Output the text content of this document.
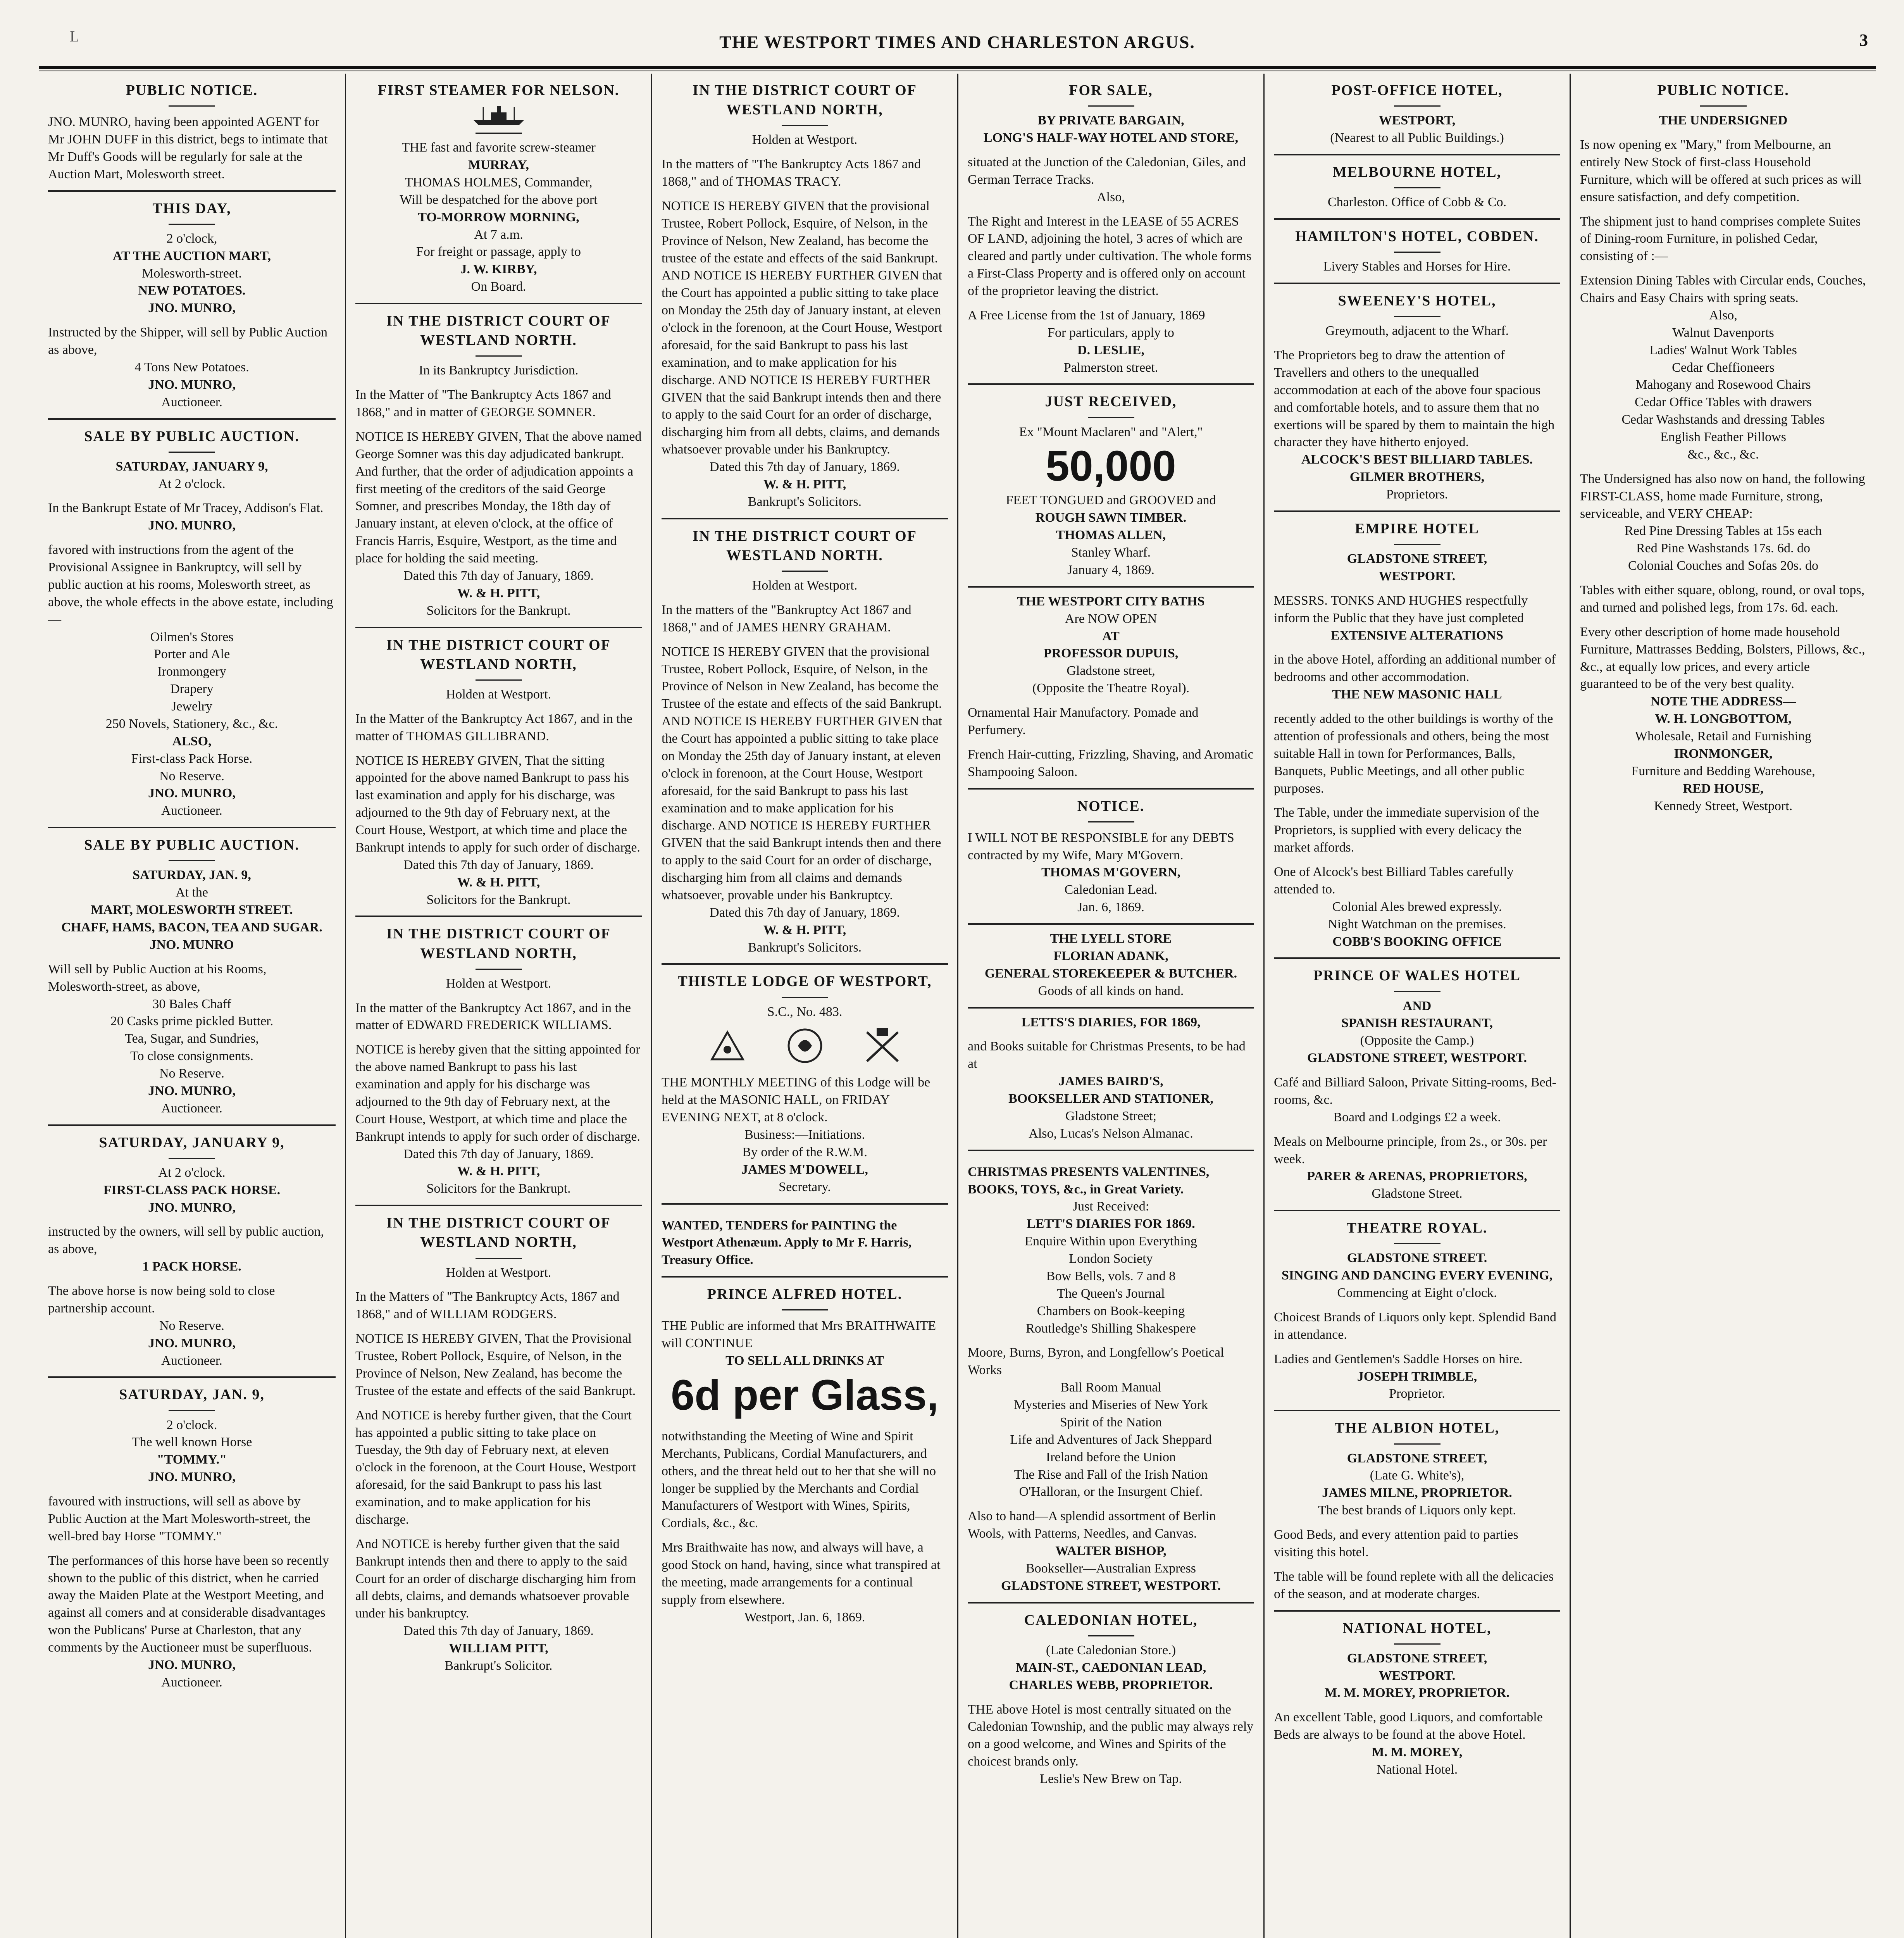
L	THE WESTPORT TIMES AND CHARLESTON ARGUS.	3
PUBLIC NOTICE.
JNO. MUNRO, having been appointed AGENT for Mr JOHN DUFF in this district, begs to intimate that Mr Duff's Goods will be regularly for sale at the Auction Mart, Molesworth street.
THIS DAY,
2 o'clock,
AT THE AUCTION MART,
Molesworth-street.
NEW POTATOES.
JNO. MUNRO,
Instructed by the Shipper, will sell by Public Auction as above,
4 Tons New Potatoes.
JNO. MUNRO,
Auctioneer.
SALE BY PUBLIC AUCTION.
SATURDAY, JANUARY 9,
At 2 o'clock.
In the Bankrupt Estate of Mr Tracey, Addison's Flat.
JNO. MUNRO,
favored with instructions from the agent of the Provisional Assignee in Bankruptcy, will sell by public auction at his rooms, Molesworth street, as above, the whole effects in the above estate, including—
Oilmen's Stores
Porter and Ale
Ironmongery
Drapery
Jewelry
250 Novels, Stationery, &c., &c.
ALSO,
First-class Pack Horse.
No Reserve.
JNO. MUNRO,
Auctioneer.
SALE BY PUBLIC AUCTION.
SATURDAY, JAN. 9,
At the
MART, MOLESWORTH STREET.
CHAFF, HAMS, BACON, TEA AND SUGAR.
JNO. MUNRO
Will sell by Public Auction at his Rooms, Molesworth-street, as above,
30 Bales Chaff
20 Casks prime pickled Butter.
Tea, Sugar, and Sundries,
To close consignments.
No Reserve.
JNO. MUNRO,
Auctioneer.
SATURDAY, JANUARY 9,
At 2 o'clock.
FIRST-CLASS PACK HORSE.
JNO. MUNRO,
instructed by the owners, will sell by public auction, as above,
1 PACK HORSE.
The above horse is now being sold to close partnership account.
No Reserve.
JNO. MUNRO,
Auctioneer.
SATURDAY, JAN. 9,
2 o'clock.
The well known Horse
"TOMMY."
JNO. MUNRO,
favoured with instructions, will sell as above by Public Auction at the Mart Molesworth-street, the well-bred bay Horse "TOMMY."
The performances of this horse have been so recently shown to the public of this district, when he carried away the Maiden Plate at the Westport Meeting, and against all comers and at considerable disadvantages won the Publicans' Purse at Charleston, that any comments by the Auctioneer must be superfluous.
JNO. MUNRO,
Auctioneer.
FIRST STEAMER FOR NELSON.
THE fast and favorite screw-steamer
MURRAY,
THOMAS HOLMES, Commander,
Will be despatched for the above port
TO-MORROW MORNING,
At 7 a.m.
For freight or passage, apply to
J. W. KIRBY,
On Board.
IN THE DISTRICT COURT OF WESTLAND NORTH.
In its Bankruptcy Jurisdiction.
In the Matter of "The Bankruptcy Acts 1867 and 1868," and in matter of GEORGE SOMNER.
NOTICE IS HEREBY GIVEN, That the above named George Somner was this day adjudicated bankrupt. And further, that the order of adjudication appoints a first meeting of the creditors of the said George Somner, and prescribes Monday, the 18th day of January instant, at eleven o'clock, at the office of Francis Harris, Esquire, Westport, as the time and place for holding the said meeting.
Dated this 7th day of January, 1869.
W. & H. PITT,
Solicitors for the Bankrupt.
IN THE DISTRICT COURT OF WESTLAND NORTH,
Holden at Westport.
In the Matter of the Bankruptcy Act 1867, and in the matter of THOMAS GILLIBRAND.
NOTICE IS HEREBY GIVEN, That the sitting appointed for the above named Bankrupt to pass his last examination and apply for his discharge, was adjourned to the 9th day of February next, at the Court House, Westport, at which time and place the Bankrupt intends to apply for such order of discharge.
Dated this 7th day of January, 1869.
W. & H. PITT,
Solicitors for the Bankrupt.
IN THE DISTRICT COURT OF WESTLAND NORTH,
Holden at Westport.
In the matter of the Bankruptcy Act 1867, and in the matter of EDWARD FREDERICK WILLIAMS.
NOTICE is hereby given that the sitting appointed for the above named Bankrupt to pass his last examination and apply for his discharge was adjourned to the 9th day of February next, at the Court House, Westport, at which time and place the Bankrupt intends to apply for such order of discharge.
Dated this 7th day of January, 1869.
W. & H. PITT,
Solicitors for the Bankrupt.
IN THE DISTRICT COURT OF WESTLAND NORTH,
Holden at Westport.
In the Matters of "The Bankruptcy Acts, 1867 and 1868," and of WILLIAM RODGERS.
NOTICE IS HEREBY GIVEN, That the Provisional Trustee, Robert Pollock, Esquire, of Nelson, in the Province of Nelson, New Zealand, has become the Trustee of the estate and effects of the said Bankrupt.
And NOTICE is hereby further given, that the Court has appointed a public sitting to take place on Tuesday, the 9th day of February next, at eleven o'clock in the forenoon, at the Court House, Westport aforesaid, for the said Bankrupt to pass his last examination, and to make application for his discharge.
And NOTICE is hereby further given that the said Bankrupt intends then and there to apply to the said Court for an order of discharge discharging him from all debts, claims, and demands whatsoever provable under his bankruptcy.
Dated this 7th day of January, 1869.
WILLIAM PITT,
Bankrupt's Solicitor.
IN THE DISTRICT COURT OF WESTLAND NORTH,
Holden at Westport.
In the matters of "The Bankruptcy Acts 1867 and 1868," and of THOMAS TRACY.
NOTICE IS HEREBY GIVEN that the provisional Trustee, Robert Pollock, Esquire, of Nelson, in the Province of Nelson, New Zealand, has become the trustee of the estate and effects of the said Bankrupt. AND NOTICE IS HEREBY FURTHER GIVEN that the Court has appointed a public sitting to take place on Monday the 25th day of January instant, at eleven o'clock in the forenoon, at the Court House, Westport aforesaid, for the said Bankrupt to pass his last examination, and to make application for his discharge. AND NOTICE IS HEREBY FURTHER GIVEN that the said Bankrupt intends then and there to apply to the said Court for an order of discharge, discharging him from all debts, claims, and demands whatsoever provable under his Bankruptcy.
Dated this 7th day of January, 1869.
W. & H. PITT,
Bankrupt's Solicitors.
IN THE DISTRICT COURT OF WESTLAND NORTH.
Holden at Westport.
In the matters of the "Bankruptcy Act 1867 and 1868," and of JAMES HENRY GRAHAM.
NOTICE IS HEREBY GIVEN that the provisional Trustee, Robert Pollock, Esquire, of Nelson, in the Province of Nelson in New Zealand, has become the Trustee of the estate and effects of the said Bankrupt. AND NOTICE IS HEREBY FURTHER GIVEN that the Court has appointed a public sitting to take place on Monday the 25th day of January instant, at eleven o'clock in forenoon, at the Court House, Westport aforesaid, for the said Bankrupt to pass his last examination and to make application for his discharge. AND NOTICE IS HEREBY FURTHER GIVEN that the said Bankrupt intends then and there to apply to the said Court for an order of discharge, discharging him from all claims and demands whatsoever, provable under his Bankruptcy.
Dated this 7th day of January, 1869.
W. & H. PITT,
Bankrupt's Solicitors.
THISTLE LODGE OF WESTPORT,
S.C., No. 483.
THE MONTHLY MEETING of this Lodge will be held at the MASONIC HALL, on FRIDAY EVENING NEXT, at 8 o'clock.
Business:—Initiations.
By order of the R.W.M.
JAMES M'DOWELL,
Secretary.
WANTED, TENDERS for PAINTING the Westport Athenæum. Apply to Mr F. Harris, Treasury Office.
PRINCE ALFRED HOTEL.
THE Public are informed that Mrs BRAITHWAITE will CONTINUE
TO SELL ALL DRINKS AT
6d per Glass,
notwithstanding the Meeting of Wine and Spirit Merchants, Publicans, Cordial Manufacturers, and others, and the threat held out to her that she will no longer be supplied by the Merchants and Cordial Manufacturers of Westport with Wines, Spirits, Cordials, &c., &c.
Mrs Braithwaite has now, and always will have, a good Stock on hand, having, since what transpired at the meeting, made arrangements for a continual supply from elsewhere.
Westport, Jan. 6, 1869.
FOR SALE,
BY PRIVATE BARGAIN,
LONG'S HALF-WAY HOTEL AND STORE,
situated at the Junction of the Caledonian, Giles, and German Terrace Tracks.
Also,
The Right and Interest in the LEASE of 55 ACRES OF LAND, adjoining the hotel, 3 acres of which are cleared and partly under cultivation. The whole forms a First-Class Property and is offered only on account of the proprietor leaving the district.
A Free License from the 1st of January, 1869
For particulars, apply to
D. LESLIE,
Palmerston street.
JUST RECEIVED,
Ex "Mount Maclaren" and "Alert,"
50,000
FEET TONGUED and GROOVED and
ROUGH SAWN TIMBER.
THOMAS ALLEN,
Stanley Wharf.
January 4, 1869.
THE WESTPORT CITY BATHS
Are NOW OPEN
AT
PROFESSOR DUPUIS,
Gladstone street,
(Opposite the Theatre Royal).
Ornamental Hair Manufactory. Pomade and Perfumery.
French Hair-cutting, Frizzling, Shaving, and Aromatic Shampooing Saloon.
NOTICE.
I WILL NOT BE RESPONSIBLE for any DEBTS contracted by my Wife, Mary M'Govern.
THOMAS M'GOVERN,
Caledonian Lead.
Jan. 6, 1869.
THE LYELL STORE
FLORIAN ADANK,
GENERAL STOREKEEPER & BUTCHER.
Goods of all kinds on hand.
LETTS'S DIARIES, FOR 1869,
and Books suitable for Christmas Presents, to be had at
JAMES BAIRD'S,
BOOKSELLER AND STATIONER,
Gladstone Street;
Also, Lucas's Nelson Almanac.
CHRISTMAS PRESENTS VALENTINES, BOOKS, TOYS, &c., in Great Variety.
Just Received:
LETT'S DIARIES FOR 1869.
Enquire Within upon Everything
London Society
Bow Bells, vols. 7 and 8
The Queen's Journal
Chambers on Book-keeping
Routledge's Shilling Shakespere
Moore, Burns, Byron, and Longfellow's Poetical Works
Ball Room Manual
Mysteries and Miseries of New York
Spirit of the Nation
Life and Adventures of Jack Sheppard
Ireland before the Union
The Rise and Fall of the Irish Nation
O'Halloran, or the Insurgent Chief.
Also to hand—A splendid assortment of Berlin Wools, with Patterns, Needles, and Canvas.
WALTER BISHOP,
Bookseller—Australian Express
GLADSTONE STREET, WESTPORT.
CALEDONIAN HOTEL,
(Late Caledonian Store.)
MAIN-ST., CAEDONIAN LEAD,
CHARLES WEBB, PROPRIETOR.
THE above Hotel is most centrally situated on the Caledonian Township, and the public may always rely on a good welcome, and Wines and Spirits of the choicest brands only.
Leslie's New Brew on Tap.
POST-OFFICE HOTEL,
WESTPORT,
(Nearest to all Public Buildings.)
MELBOURNE HOTEL,
Charleston. Office of Cobb & Co.
HAMILTON'S HOTEL, COBDEN.
Livery Stables and Horses for Hire.
SWEENEY'S HOTEL,
Greymouth, adjacent to the Wharf.
The Proprietors beg to draw the attention of Travellers and others to the unequalled accommodation at each of the above four spacious and comfortable hotels, and to assure them that no exertions will be spared by them to maintain the high character they have hitherto enjoyed.
ALCOCK'S BEST BILLIARD TABLES.
GILMER BROTHERS,
Proprietors.
EMPIRE HOTEL
GLADSTONE STREET,
WESTPORT.
MESSRS. TONKS AND HUGHES respectfully inform the Public that they have just completed
EXTENSIVE ALTERATIONS
in the above Hotel, affording an additional number of bedrooms and other accommodation.
THE NEW MASONIC HALL
recently added to the other buildings is worthy of the attention of professionals and others, being the most suitable Hall in town for Performances, Balls, Banquets, Public Meetings, and all other public purposes.
The Table, under the immediate supervision of the Proprietors, is supplied with every delicacy the market affords.
One of Alcock's best Billiard Tables carefully attended to.
Colonial Ales brewed expressly.
Night Watchman on the premises.
COBB'S BOOKING OFFICE
PRINCE OF WALES HOTEL
AND
SPANISH RESTAURANT,
(Opposite the Camp.)
GLADSTONE STREET, WESTPORT.
Café and Billiard Saloon, Private Sitting-rooms, Bed-rooms, &c.
Board and Lodgings £2 a week.
Meals on Melbourne principle, from 2s., or 30s. per week.
PARER & ARENAS, PROPRIETORS,
Gladstone Street.
THEATRE ROYAL.
GLADSTONE STREET.
SINGING AND DANCING EVERY EVENING,
Commencing at Eight o'clock.
Choicest Brands of Liquors only kept. Splendid Band in attendance.
Ladies and Gentlemen's Saddle Horses on hire.
JOSEPH TRIMBLE,
Proprietor.
THE ALBION HOTEL,
GLADSTONE STREET,
(Late G. White's),
JAMES MILNE, PROPRIETOR.
The best brands of Liquors only kept.
Good Beds, and every attention paid to parties visiting this hotel.
The table will be found replete with all the delicacies of the season, and at moderate charges.
NATIONAL HOTEL,
GLADSTONE STREET,
WESTPORT.
M. M. MOREY, PROPRIETOR.
An excellent Table, good Liquors, and comfortable Beds are always to be found at the above Hotel.
M. M. MOREY,
National Hotel.
PUBLIC NOTICE.
THE UNDERSIGNED
Is now opening ex "Mary," from Melbourne, an entirely New Stock of first-class Household Furniture, which will be offered at such prices as will ensure satisfaction, and defy competition.
The shipment just to hand comprises complete Suites of Dining-room Furniture, in polished Cedar, consisting of :—
Extension Dining Tables with Circular ends, Couches, Chairs and Easy Chairs with spring seats.
Also,
Walnut Davenports
Ladies' Walnut Work Tables
Cedar Cheffioneers
Mahogany and Rosewood Chairs
Cedar Office Tables with drawers
Cedar Washstands and dressing Tables
English Feather Pillows
&c., &c., &c.
The Undersigned has also now on hand, the following FIRST-CLASS, home made Furniture, strong, serviceable, and VERY CHEAP:
Red Pine Dressing Tables at 15s each
Red Pine Washstands 17s. 6d. do
Colonial Couches and Sofas 20s. do
Tables with either square, oblong, round, or oval tops, and turned and polished legs, from 17s. 6d. each.
Every other description of home made household Furniture, Mattrasses Bedding, Bolsters, Pillows, &c., &c., at equally low prices, and every article guaranteed to be of the very best quality.
NOTE THE ADDRESS—
W. H. LONGBOTTOM,
Wholesale, Retail and Furnishing
IRONMONGER,
Furniture and Bedding Warehouse,
RED HOUSE,
Kennedy Street, Westport.
